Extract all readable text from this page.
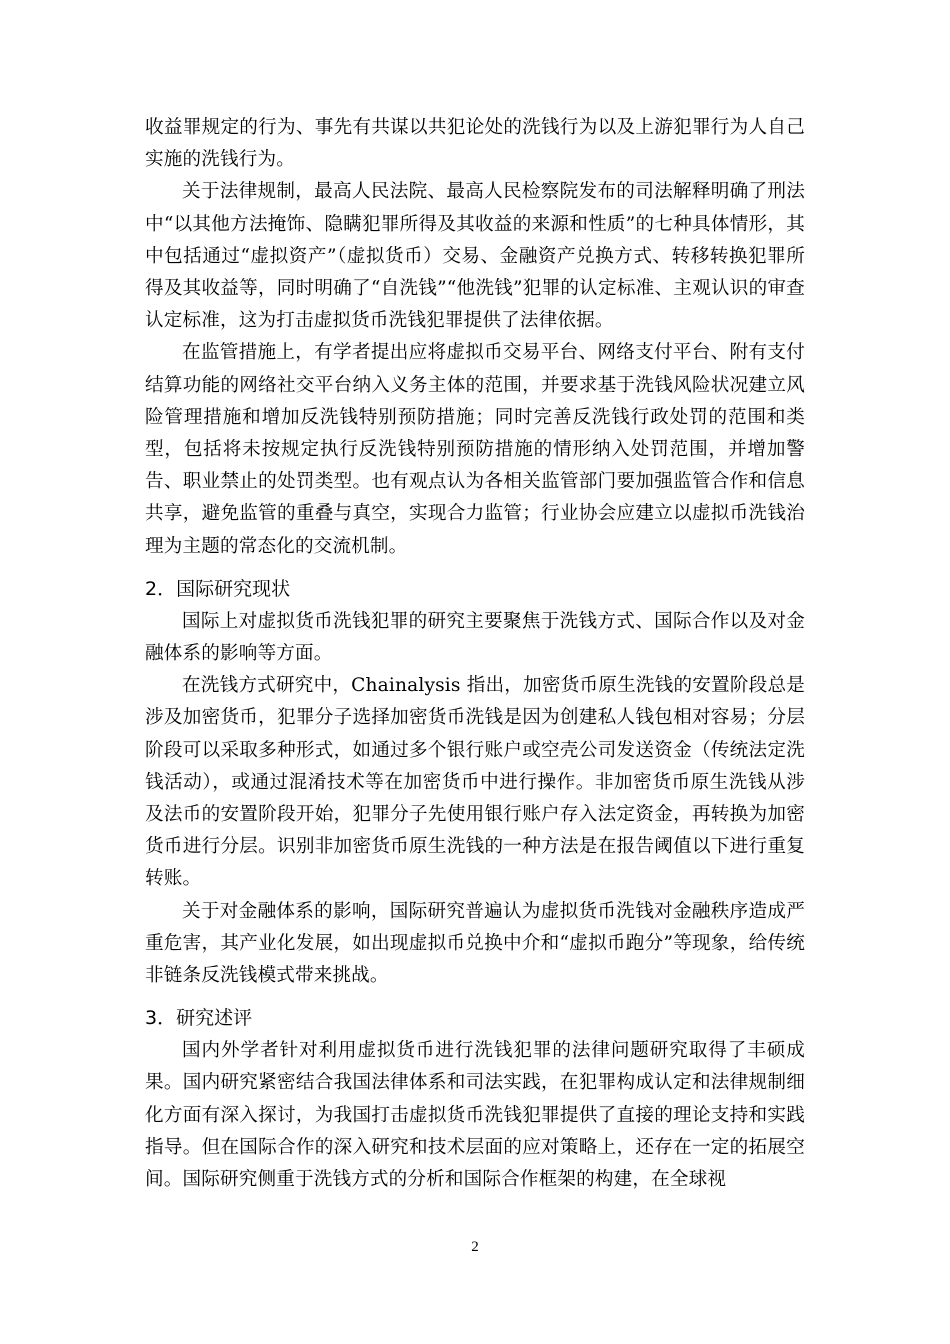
收益罪规定的行为、事先有共谋以共犯论处的洗钱行为以及上游犯罪行为人自己实施的洗钱行为。

关于法律规制，最高人民法院、最高人民检察院发布的司法解释明确了刑法中“以其他方法掩饰、隐瞒犯罪所得及其收益的来源和性质”的七种具体情形，其中包括通过“虚拟资产”（虚拟货币）交易、金融资产兑换方式、转移转换犯罪所得及其收益等，同时明确了“自洗钱”“他洗钱”犯罪的认定标准、主观认识的审查认定标准，这为打击虚拟货币洗钱犯罪提供了法律依据。

在监管措施上，有学者提出应将虚拟币交易平台、网络支付平台、附有支付结算功能的网络社交平台纳入义务主体的范围，并要求基于洗钱风险状况建立风险管理措施和增加反洗钱特别预防措施；同时完善反洗钱行政处罚的范围和类型，包括将未按规定执行反洗钱特别预防措施的情形纳入处罚范围，并增加警告、职业禁止的处罚类型。也有观点认为各相关监管部门要加强监管合作和信息共享，避免监管的重叠与真空，实现合力监管；行业协会应建立以虚拟币洗钱治理为主题的常态化的交流机制。

2．国际研究现状

国际上对虚拟货币洗钱犯罪的研究主要聚焦于洗钱方式、国际合作以及对金融体系的影响等方面。

在洗钱方式研究中，Chainalysis 指出，加密货币原生洗钱的安置阶段总是涉及加密货币，犯罪分子选择加密货币洗钱是因为创建私人钱包相对容易；分层阶段可以采取多种形式，如通过多个银行账户或空壳公司发送资金（传统法定洗钱活动），或通过混淆技术等在加密货币中进行操作。非加密货币原生洗钱从涉及法币的安置阶段开始，犯罪分子先使用银行账户存入法定资金，再转换为加密货币进行分层。识别非加密货币原生洗钱的一种方法是在报告阈值以下进行重复转账。

关于对金融体系的影响，国际研究普遍认为虚拟货币洗钱对金融秩序造成严重危害，其产业化发展，如出现虚拟币兑换中介和“虚拟币跑分”等现象，给传统非链条反洗钱模式带来挑战。

3．研究述评

国内外学者针对利用虚拟货币进行洗钱犯罪的法律问题研究取得了丰硕成果。国内研究紧密结合我国法律体系和司法实践，在犯罪构成认定和法律规制细化方面有深入探讨，为我国打击虚拟货币洗钱犯罪提供了直接的理论支持和实践指导。但在国际合作的深入研究和技术层面的应对策略上，还存在一定的拓展空间。国际研究侧重于洗钱方式的分析和国际合作框架的构建，在全球视

2
